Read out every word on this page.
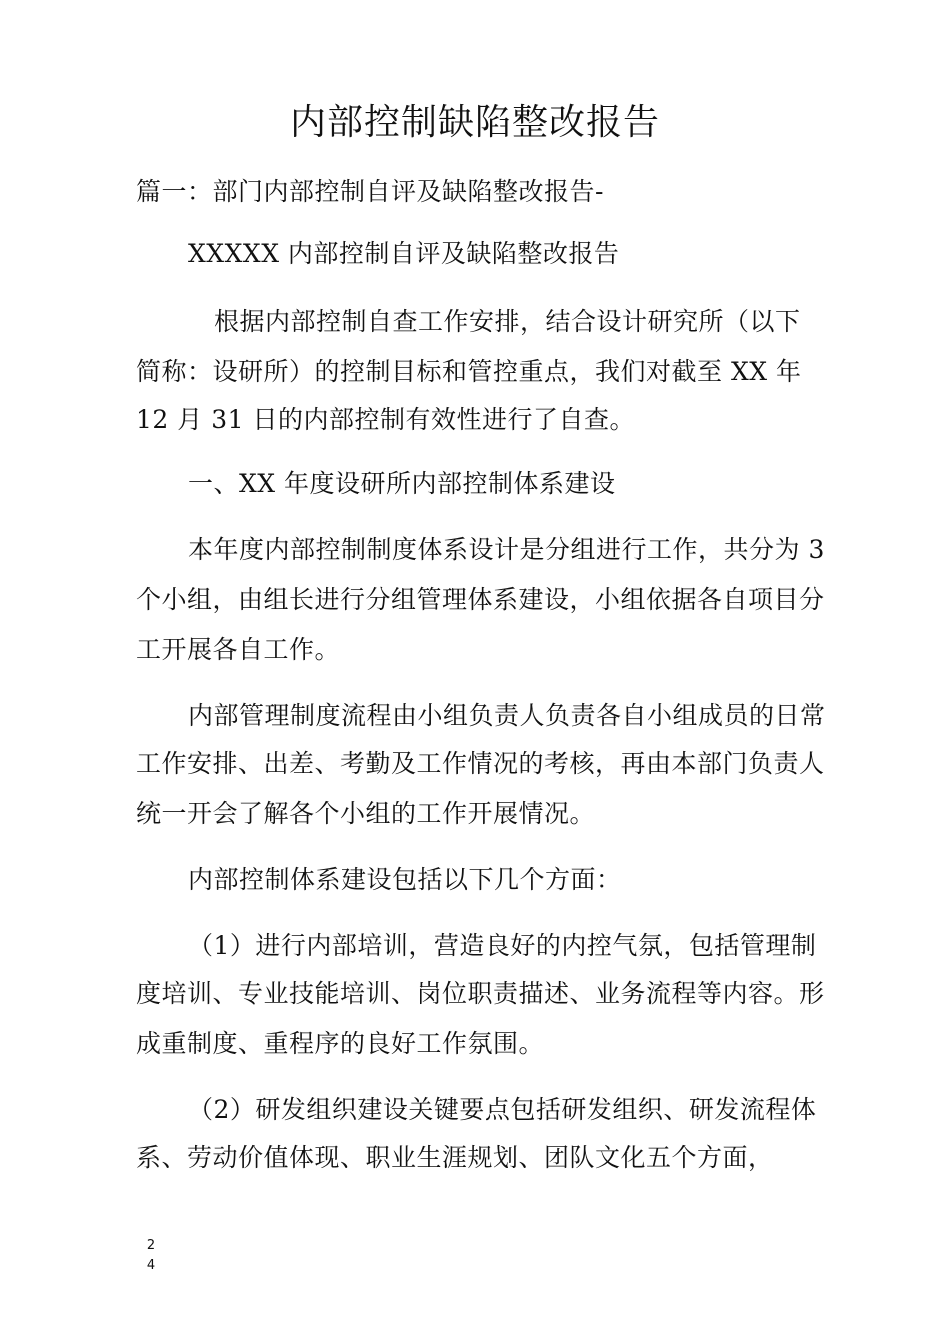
内部控制缺陷整改报告
篇一：部门内部控制自评及缺陷整改报告-
XXXXX 内部控制自评及缺陷整改报告
根据内部控制自查工作安排，结合设计研究所（以下
简称：设研所）的控制目标和管控重点，我们对截至 XX 年
12 月 31 日的内部控制有效性进行了自查。
一、XX 年度设研所内部控制体系建设
本年度内部控制制度体系设计是分组进行工作，共分为 3
个小组，由组长进行分组管理体系建设，小组依据各自项目分
工开展各自工作。
内部管理制度流程由小组负责人负责各自小组成员的日常
工作安排、出差、考勤及工作情况的考核，再由本部门负责人
统一开会了解各个小组的工作开展情况。
内部控制体系建设包括以下几个方面：
（1）进行内部培训，营造良好的内控气氛，包括管理制
度培训、专业技能培训、岗位职责描述、业务流程等内容。形
成重制度、重程序的良好工作氛围。
（2）研发组织建设关键要点包括研发组织、研发流程体
系、劳动价值体现、职业生涯规划、团队文化五个方面，
2
4
